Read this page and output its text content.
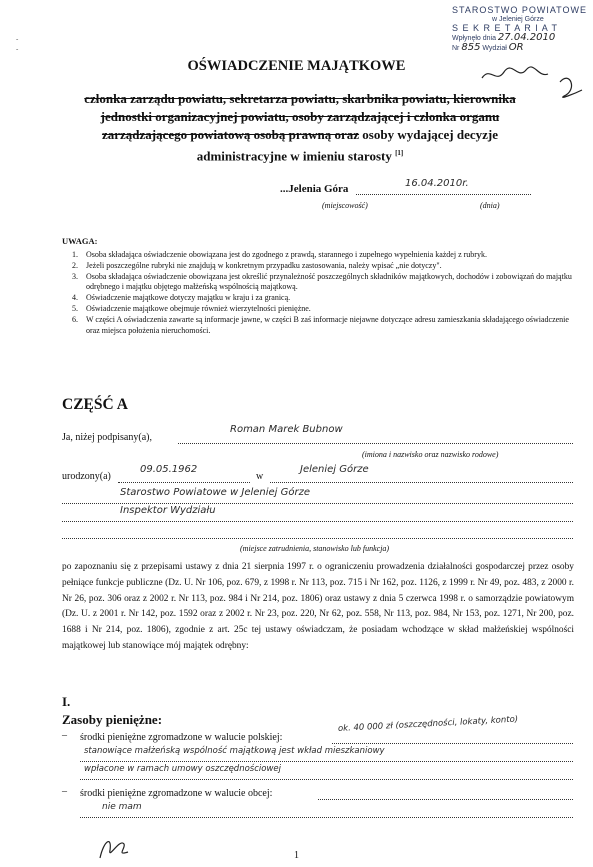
STAROSTWO POWIATOWE
w Jeleniej Górze
S E K R E T A R I A T
Wpłynęło dnia 27.04.2010
Nr 855 Wydział OR
-
-
OŚWIADCZENIE MAJĄTKOWE
członka zarządu powiatu, sekretarza powiatu, skarbnika powiatu, kierownika
jednostki organizacyjnej powiatu, osoby zarządzającej i członka organu
zarządzającego powiatową osobą prawną oraz osoby wydającej decyzje
administracyjne w imieniu starosty [1]
...Jelenia Góra	16.04.2010r.
(miejscowość)	(dnia)
UWAGA:
1. Osoba składająca oświadczenie obowiązana jest do zgodnego z prawdą, starannego i zupełnego wypełnienia każdej z rubryk.
2. Jeżeli poszczególne rubryki nie znajdują w konkretnym przypadku zastosowania, należy wpisać „nie dotyczy".
3. Osoba składająca oświadczenie obowiązana jest określić przynależność poszczególnych składników majątkowych, dochodów i zobowiązań do majątku odrębnego i majątku objętego małżeńską wspólnością majątkową.
4. Oświadczenie majątkowe dotyczy majątku w kraju i za granicą.
5. Oświadczenie majątkowe obejmuje również wierzytelności pieniężne.
6. W części A oświadczenia zawarte są informacje jawne, w części B zaś informacje niejawne dotyczące adresu zamieszkania składającego oświadczenie oraz miejsca położenia nieruchomości.
CZĘŚĆ A
Ja, niżej podpisany(a),
Roman Marek Bubnow
(imiona i nazwisko oraz nazwisko rodowe)
urodzony(a)
09.05.1962
w
Jeleniej Górze
Starostwo Powiatowe w Jeleniej Górze
Inspektor Wydziału
(miejsce zatrudnienia, stanowisko lub funkcja)
po zapoznaniu się z przepisami ustawy z dnia 21 sierpnia 1997 r. o ograniczeniu prowadzenia działalności gospodarczej przez osoby pełniące funkcje publiczne (Dz. U. Nr 106, poz. 679, z 1998 r. Nr 113, poz. 715 i Nr 162, poz. 1126, z 1999 r. Nr 49, poz. 483, z 2000 r. Nr 26, poz. 306 oraz z 2002 r. Nr 113, poz. 984 i Nr 214, poz. 1806) oraz ustawy z dnia 5 czerwca 1998 r. o samorządzie powiatowym (Dz. U. z 2001 r. Nr 142, poz. 1592 oraz z 2002 r. Nr 23, poz. 220, Nr 62, poz. 558, Nr 113, poz. 984, Nr 153, poz. 1271, Nr 200, poz. 1688 i Nr 214, poz. 1806), zgodnie z art. 25c tej ustawy oświadczam, że posiadam wchodzące w skład małżeńskiej wspólności majątkowej lub stanowiące mój majątek odrębny:
I.
Zasoby pieniężne:
– środki pieniężne zgromadzone w walucie polskiej:
ok. 40 000 zł (oszczędności, lokaty, konto)
stanowiące małżeńską wspólność majątkową jest wkład mieszkaniowy
wpłacone w ramach umowy oszczędnościowej
– środki pieniężne zgromadzone w walucie obcej:
nie mam
1
